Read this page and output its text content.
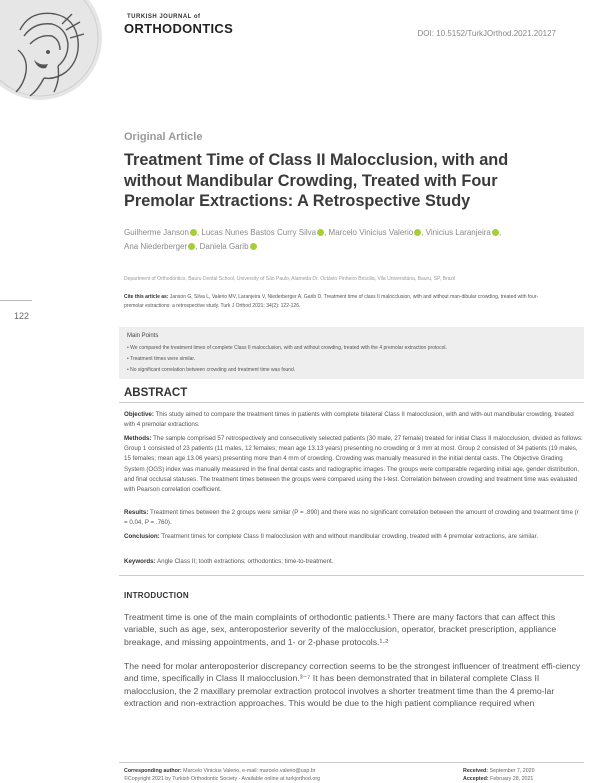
TURKISH JOURNAL of
ORTHODONTICS	DOI: 10.5152/TurkJOrthod.2021.20127
Original Article
Treatment Time of Class II Malocclusion, with and without Mandibular Crowding, Treated with Four Premolar Extractions: A Retrospective Study
Guilherme Janson , Lucas Nunes Bastos Curry Silva , Marcelo Vinicius Valerio , Vinicius Laranjeira ,
Ana Niederberger , Daniela Garib
Department of Orthodontics, Bauru Dental School, University of São Paulo, Alameda Dr. Octávio Pinheiro Brisolla, Vila Universitária, Bauru, SP, Brazil
122
Cite this article as: Janson G, Silva L, Valerio MV, Laranjeira V, Niederberger A, Garib D. Treatment time of class II malocclusion, with and without man-dibular crowding, treated with four-premolar extractions: a retrospective study. Turk J Orthod 2021; 34(2): 122-126.
Main Points
• We compared the treatment times of complete Class II malocclusion, with and without crowding, treated with the 4 premolar extraction protocol.
• Treatment times were similar.
• No significant correlation between crowding and treatment time was found.
ABSTRACT

Objective: This study aimed to compare the treatment times in patients with complete bilateral Class II malocclusion, with and with-out mandibular crowding, treated with 4 premolar extractions.

Methods: The sample comprised 57 retrospectively and consecutively selected patients (30 male, 27 female) treated for initial Class II malocclusion, divided as follows: Group 1 consisted of 23 patients (11 males, 12 females; mean age 13.13 years) presenting no crowding or 3 mm at most. Group 2 consisted of 34 patients (19 males, 15 females; mean age 13.06 years) presenting more than 4 mm of crowding. Crowding was manually measured in the initial dental casts. The Objective Grading System (OGS) index was manually measured in the final dental casts and radiographic images. The groups were comparable regarding initial age, gender distribution, and final occlusal statuses. The treatment times between the groups were compared using the t-test. Correlation between crowding and treatment time was evaluated with Pearson correlation coefficient.

Results: Treatment times between the 2 groups were similar (P = .890) and there was no significant correlation between the amount of crowding and treatment time (r = 0.04, P = .760).

Conclusion: Treatment times for complete Class II malocclusion with and without mandibular crowding, treated with 4 premolar extractions, are similar.

Keywords: Angle Class II; tooth extractions; orthodontics; time-to-treatment.

INTRODUCTION

Treatment time is one of the main complaints of orthodontic patients.¹ There are many factors that can affect this variable, such as age, sex, anteroposterior severity of the malocclusion, operator, bracket prescription, appliance breakage, and missing appointments, and 1- or 2-phase protocols.¹·²

The need for molar anteroposterior discrepancy correction seems to be the strongest influencer of treatment effi-ciency and time, specifically in Class II malocclusion.³⁻⁷ It has been demonstrated that in bilateral complete Class II malocclusion, the 2 maxillary premolar extraction protocol involves a shorter treatment time than the 4 premo-lar extraction and non-extraction approaches. This would be due to the high patient compliance required when

Corresponding author: Marcelo Vinicius Valerio, e-mail: marcelo.valerio@usp.br
©Copyright 2021 by Turkish Orthodontic Society - Available online at turkjorthod.org
Received: September 7, 2020
Accepted: February 28, 2021
